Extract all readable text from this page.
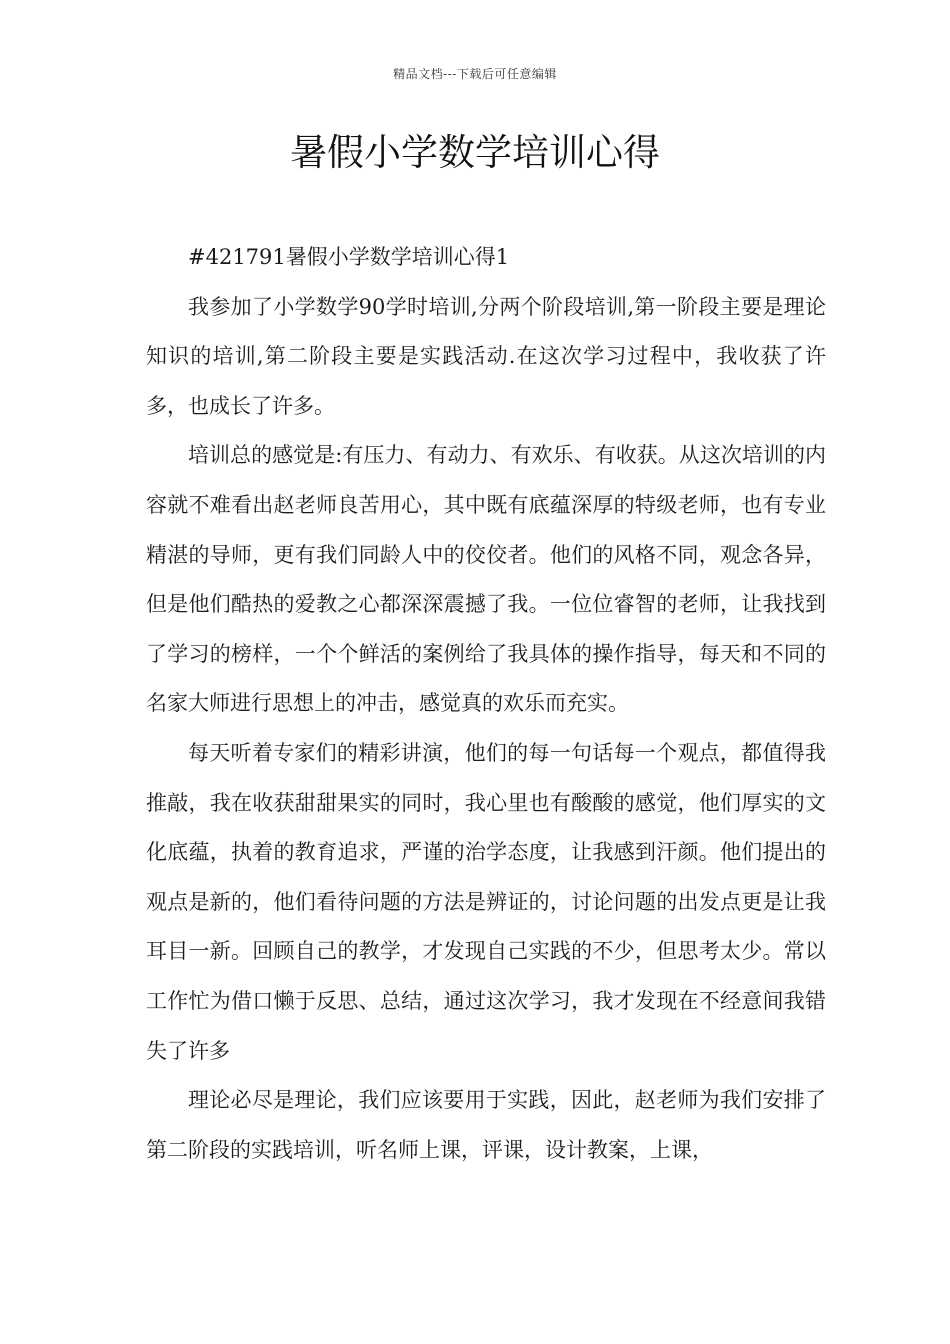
精品文档---下载后可任意编辑
暑假小学数学培训心得

#421791暑假小学数学培训心得1

我参加了小学数学90学时培训,分两个阶段培训,第一阶段主要是理论知识的培训,第二阶段主要是实践活动.在这次学习过程中，我收获了许多，也成长了许多。

培训总的感觉是:有压力、有动力、有欢乐、有收获。从这次培训的内容就不难看出赵老师良苦用心，其中既有底蕴深厚的特级老师，也有专业精湛的导师，更有我们同龄人中的佼佼者。他们的风格不同，观念各异，但是他们酷热的爱教之心都深深震撼了我。一位位睿智的老师，让我找到了学习的榜样，一个个鲜活的案例给了我具体的操作指导，每天和不同的名家大师进行思想上的冲击，感觉真的欢乐而充实。

每天听着专家们的精彩讲演，他们的每一句话每一个观点，都值得我推敲，我在收获甜甜果实的同时，我心里也有酸酸的感觉，他们厚实的文化底蕴，执着的教育追求，严谨的治学态度，让我感到汗颜。他们提出的观点是新的，他们看待问题的方法是辨证的，讨论问题的出发点更是让我耳目一新。回顾自己的教学，才发现自己实践的不少，但思考太少。常以工作忙为借口懒于反思、总结，通过这次学习，我才发现在不经意间我错失了许多

理论必尽是理论，我们应该要用于实践，因此，赵老师为我们安排了第二阶段的实践培训，听名师上课，评课，设计教案，上课，
